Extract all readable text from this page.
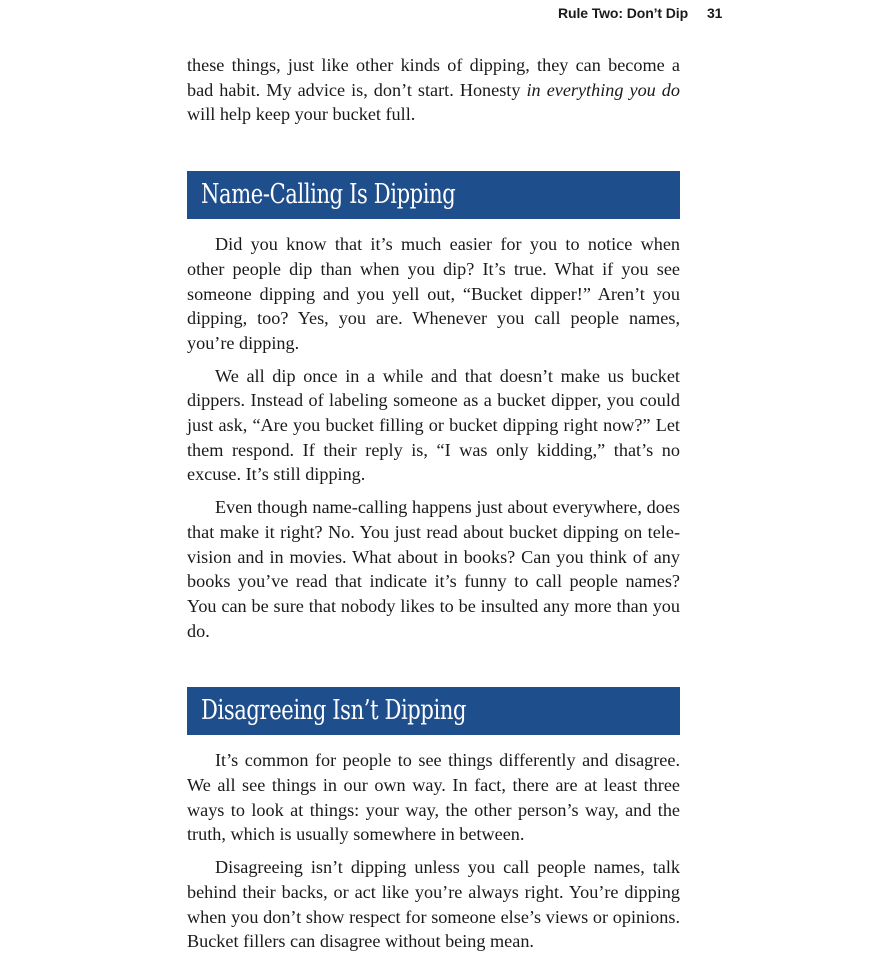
Rule Two: Don’t Dip 31

these things, just like other kinds of dipping, they can become a bad habit. My advice is, don’t start. Honesty in everything you do will help keep your bucket full.

Name-Calling Is Dipping

Did you know that it’s much easier for you to notice when other people dip than when you dip? It’s true. What if you see someone dipping and you yell out, “Bucket dipper!” Aren’t you dipping, too? Yes, you are. Whenever you call people names, you’re dipping.

We all dip once in a while and that doesn’t make us bucket dippers. Instead of labeling someone as a bucket dipper, you could just ask, “Are you bucket filling or bucket dipping right now?” Let them respond. If their reply is, “I was only kidding,” that’s no excuse. It’s still dipping.

Even though name-calling happens just about everywhere, does that make it right? No. You just read about bucket dipping on television and in movies. What about in books? Can you think of any books you’ve read that indicate it’s funny to call people names? You can be sure that nobody likes to be insulted any more than you do.

Disagreeing Isn’t Dipping

It’s common for people to see things differently and disagree. We all see things in our own way. In fact, there are at least three ways to look at things: your way, the other person’s way, and the truth, which is usually somewhere in between.

Disagreeing isn’t dipping unless you call people names, talk behind their backs, or act like you’re always right. You’re dipping when you don’t show respect for someone else’s views or opinions. Bucket fillers can disagree without being mean.
